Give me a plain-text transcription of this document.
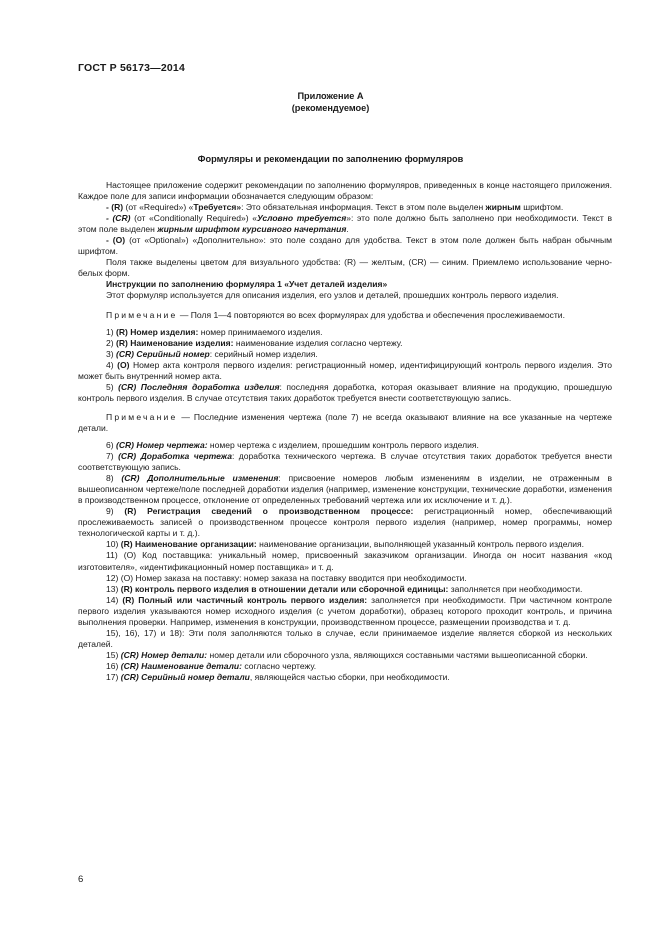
ГОСТ Р 56173—2014
Приложение А
(рекомендуемое)
Формуляры и рекомендации по заполнению формуляров

Настоящее приложение содержит рекомендации по заполнению формуляров, приведенных в конце настоящего приложения. Каждое поле для записи информации обозначается следующим образом:

- (R) (от «Required») «Требуется»: Это обязательная информация. Текст в этом поле выделен жирным шрифтом.

- (CR) (от «Conditionally Required») «Условно требуется»: это поле должно быть заполнено при необходимости. Текст в этом поле выделен жирным шрифтом курсивного начертания.

- (О) (от «Optional») «Дополнительно»: это поле создано для удобства. Текст в этом поле должен быть набран обычным шрифтом.

Поля также выделены цветом для визуального удобства: (R) — желтым, (CR) — синим. Приемлемо использование черно-белых форм.

Инструкции по заполнению формуляра 1 «Учет деталей изделия»

Этот формуляр используется для описания изделия, его узлов и деталей, прошедших контроль первого изделия.

Примечание — Поля 1—4 повторяются во всех формулярах для удобства и обеспечения прослеживаемости.

1) (R) Номер изделия: номер принимаемого изделия.

2) (R) Наименование изделия: наименование изделия согласно чертежу.

3) (CR) Серийный номер: серийный номер изделия.

4) (O) Номер акта контроля первого изделия: регистрационный номер, идентифицирующий контроль первого изделия. Это может быть внутренний номер акта.

5) (CR) Последняя доработка изделия: последняя доработка, которая оказывает влияние на продукцию, прошедшую контроль первого изделия. В случае отсутствия таких доработок требуется внести соответствующую запись.

Примечание — Последние изменения чертежа (поле 7) не всегда оказывают влияние на все указанные на чертеже детали.

6) (CR) Номер чертежа: номер чертежа с изделием, прошедшим контроль первого изделия.

7) (CR) Доработка чертежа: доработка технического чертежа. В случае отсутствия таких доработок требуется внести соответствующую запись.

8) (CR) Дополнительные изменения: присвоение номеров любым изменениям в изделии, не отраженным в вышеописанном чертеже/поле последней доработки изделия (например, изменение конструкции, технические доработки, изменения в производственном процессе, отклонение от определенных требований чертежа или их исключение и т. д.).

9) (R) Регистрация сведений о производственном процессе: регистрационный номер, обеспечивающий прослеживаемость записей о производственном процессе контроля первого изделия (например, номер программы, номер технологической карты и т. д.).

10) (R) Наименование организации: наименование организации, выполняющей указанный контроль первого изделия.

11) (O) Код поставщика: уникальный номер, присвоенный заказчиком организации. Иногда он носит названия «код изготовителя», «идентификационный номер поставщика» и т. д.

12) (O) Номер заказа на поставку: номер заказа на поставку вводится при необходимости.

13) (R) контроль первого изделия в отношении детали или сборочной единицы: заполняется при необходимости.

14) (R) Полный или частичный контроль первого изделия: заполняется при необходимости. При частичном контроле первого изделия указываются номер исходного изделия (с учетом доработки), образец которого проходит контроль, и причина выполнения проверки. Например, изменения в конструкции, производственном процессе, размещении производства и т. д.

15), 16), 17) и 18): Эти поля заполняются только в случае, если принимаемое изделие является сборкой из нескольких деталей.

15) (CR) Номер детали: номер детали или сборочного узла, являющихся составными частями вышеописанной сборки.

16) (CR) Наименование детали: согласно чертежу.

17) (CR) Серийный номер детали, являющейся частью сборки, при необходимости.

6
